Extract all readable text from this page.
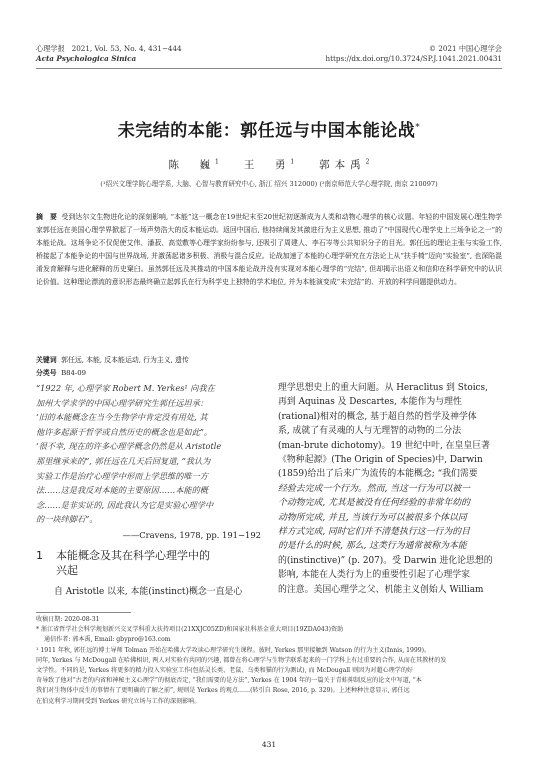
心理学报 2021, Vol. 53, No. 4, 431−444
Acta Psychologica Sinica
© 2021 中国心理学会
https://dx.doi.org/10.3724/SP.J.1041.2021.00431
未完结的本能：郭任远与中国本能论战*
陈　巍$^1$ 王　勇$^1$ 郭本禹$^2$
(¹绍兴文理学院心理学系, 大脑、心智与教育研究中心, 浙江 绍兴 312000) (²南京师范大学心理学院, 南京 210097)
摘　要 受到达尔文生物进化论的深刻影响, “本能”这一概念在19世纪末至20世纪初逐渐成为人类和动物心理学的核心议题。年轻的中国发展心理生物学家郭任远在美国心理学界掀起了一场声势浩大的反本能运动。返回中国后, 他持续阐发其激进行为主义思想, 推动了“中国现代心理学史上三场争论之一”的本能论战。这场争论不仅促使艾伟、潘菽、高觉敷等心理学家纷纷参与, 还吸引了周建人、李石岑等公共知识分子的目光。郭任远的理论主张与实验工作, 桥接起了本能争论的中国与世界战场, 并激荡起诸多积极、消极与混合反应。论战加速了本能的心理学研究在方法论上从“扶手椅”迈向“实验室”, 也深陷混淆发育解释与进化解释的历史窠臼。虽然郭任远及其推动的中国本能论战并没有实现对本能心理学的“完结”, 但却揭示出语义和信仰在科学研究中的认识论价值。这种理论漂流的意识形态最终确立起郭氏在行为科学史上独特的学术地位, 并为本能演变成“未完结”的、开放的科学问题提供动力。
关键词 郭任远, 本能, 反本能运动, 行为主义, 遗传
分类号 B84-09
“1922 年, 心理学家 Robert M. Yerkes¹ 向我在
加州大学求学的中国心理学研究生郭任远坦承：
‘旧的本能概念在当今生物学中肯定没有用处, 其
他许多起源于哲学或自然历史的概念也是如此”。
‘很不幸, 现在的许多心理学概念仍然是从 Aristotle
那里继承来的”, 郭任远在几天后回复道, “我认为
实验工作是治疗心理学中形而上学思维的唯一方
法……这是我反对本能的主要原因……本能的概
念……是非实证的, 因此我认为它是实验心理学中
的一块绊脚石”。
——Cravens, 1978, pp. 191−192
1 本能概念及其在科学心理学中的
兴起
自 Aristotle 以来, 本能(instinct)概念一直是心
理学思想史上的重大问题。从 Heraclitus 到 Stoics,
再到 Aquinas 及 Descartes, 本能作为与理性
(rational)相对的概念, 基于超自然的哲学及神学体
系, 成就了有灵魂的人与无理智的动物的二分法
(man-brute dichotomy)。19 世纪中叶, 在皇皇巨著
《物种起源》(The Origin of Species)中, Darwin
(1859)给出了后来广为流传的本能概念; “我们需要
经验去完成一个行为。然而, 当这一行为可以被一
个动物完成, 尤其是被没有任何经验的非常年幼的
动物所完成, 并且, 当该行为可以被很多个体以同
样方式完成, 同时它们并不清楚执行这一行为的目
的是什么的时候, 那么, 这类行为通常被称为本能
的(instinctive)” (p. 207)。受 Darwin 进化论思想的
影响, 本能在人类行为上的重要性引起了心理学家
的注意。美国心理学之父、机能主义创始人 William
收稿日期: 2020-08-31
* 浙江省哲学社会科学规划新兴交叉学科重大扶持项目(21XXJC05ZD)和国家社科基金重大项目(19ZDA043)资助
通信作者: 郭本禹, Email: gbypro@163.com
¹ 1911 年秋, 郭任远的博士导师 Tolman 开始在哈佛大学攻读心理学研究生课程。彼时, Yerkes 那里接触到 Watson 的行为主义(Innis, 1999)。
同年, Yerkes 与 McDougall 在哈佛相识, 两人对实验有共同的兴趣, 都曾在将心理学与生物学联系起来的一门学科上有过重要的合作, 从而在其教材的发
文学性。不同的是, Yerkes 将更多的精力投入实验室工作(包括灵长类、老鼠、乌类和猫的行为测试), 而 McDougall 则因为对超心理学的好
奇导致了他对“古老的内省和神秘主义心理学”的彻底否定, “我们需要的是方法”, Yerkes 在 1904 年的一篇关于青蛙抑制反应的论文中写道, “本
我们对生物体中反生的事情有了更明确的了解之前”, 规则是 Yerkes 的观点……(转引自 Rose, 2016, p. 329)。上述种种注意显示, 郭任远
在伯克利学习期间受到 Yerkes 研究立场与工作的深刻影响。
431
